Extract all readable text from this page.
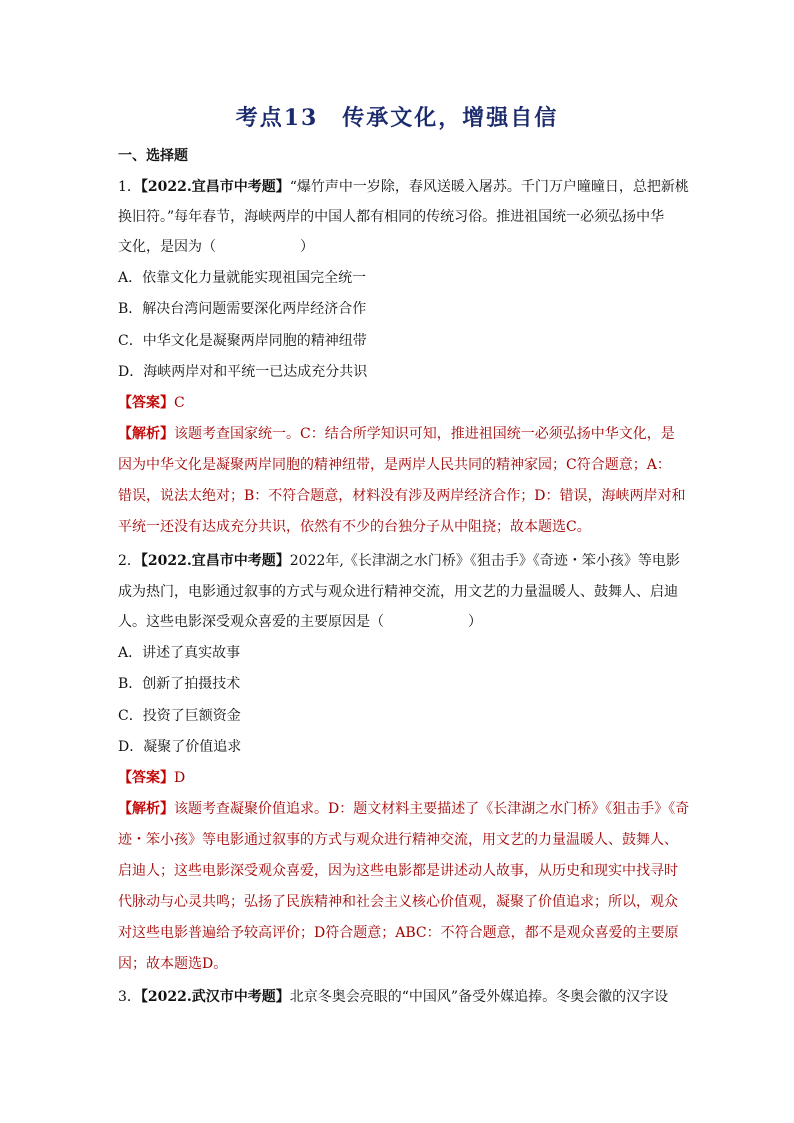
考点13　传承文化，增强自信
一、选择题
1．【2022.宜昌市中考题】“爆竹声中一岁除，春风送暖入屠苏。千门万户曈曈日，总把新桃
换旧符。”每年春节，海峡两岸的中国人都有相同的传统习俗。推进祖国统一必须弘扬中华
文化，是因为（　　　　　　）
A．依靠文化力量就能实现祖国完全统一
B．解决台湾问题需要深化两岸经济合作
C．中华文化是凝聚两岸同胞的精神纽带
D．海峡两岸对和平统一已达成充分共识
【答案】C
【解析】该题考查国家统一。C：结合所学知识可知，推进祖国统一必须弘扬中华文化，是
因为中华文化是凝聚两岸同胞的精神纽带，是两岸人民共同的精神家园；C符合题意；A：
错误，说法太绝对；B：不符合题意，材料没有涉及两岸经济合作；D：错误，海峡两岸对和
平统一还没有达成充分共识，依然有不少的台独分子从中阻挠；故本题选C。
2．【2022.宜昌市中考题】2022年,《长津湖之水门桥》《狙击手》《奇迹・笨小孩》等电影
成为热门，电影通过叙事的方式与观众进行精神交流，用文艺的力量温暖人、鼓舞人、启迪
人。这些电影深受观众喜爱的主要原因是（　　　　　　）
A．讲述了真实故事
B．创新了拍摄技术
C．投资了巨额资金
D．凝聚了价值追求
【答案】D
【解析】该题考查凝聚价值追求。D：题文材料主要描述了《长津湖之水门桥》《狙击手》《奇
迹・笨小孩》等电影通过叙事的方式与观众进行精神交流，用文艺的力量温暖人、鼓舞人、
启迪人；这些电影深受观众喜爱，因为这些电影都是讲述动人故事，从历史和现实中找寻时
代脉动与心灵共鸣；弘扬了民族精神和社会主义核心价值观，凝聚了价值追求；所以，观众
对这些电影普遍给予较高评价；D符合题意；ABC：不符合题意，都不是观众喜爱的主要原
因；故本题选D。
3．【2022.武汉市中考题】北京冬奥会亮眼的“中国风”备受外媒追捧。冬奥会徽的汉字设
